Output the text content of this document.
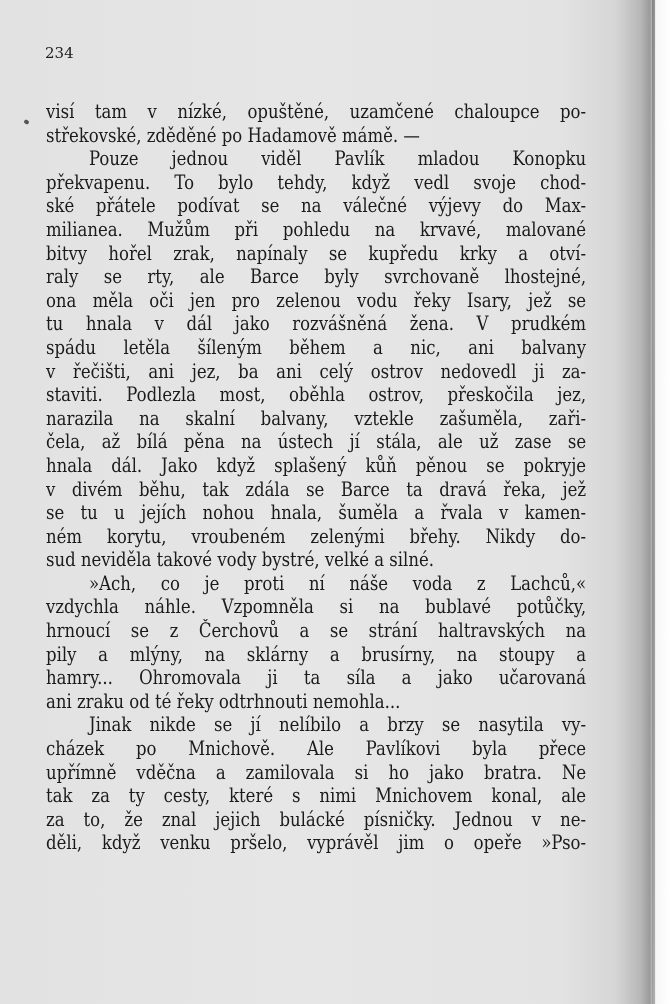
234
visí tam v nízké, opuštěné, uzamčené chaloupce po-
střekovské, zděděné po Hadamově mámě. —
Pouze jednou viděl Pavlík mladou Konopku
překvapenu. To bylo tehdy, když vedl svoje chod-
ské přátele podívat se na válečné výjevy do Max-
milianea. Mužům při pohledu na krvavé, malované
bitvy hořel zrak, napínaly se kupředu krky a otví-
raly se rty, ale Barce byly svrchovaně lhostejné,
ona měla oči jen pro zelenou vodu řeky Isary, jež se
tu hnala v dál jako rozvášněná žena. V prudkém
spádu letěla šíleným během a nic, ani balvany
v řečišti, ani jez, ba ani celý ostrov nedovedl ji za-
staviti. Podlezla most, oběhla ostrov, přeskočila jez,
narazila na skalní balvany, vztekle zašuměla, zaři-
čela, až bílá pěna na ústech jí stála, ale už zase se
hnala dál. Jako když splašený kůň pěnou se pokryje
v divém běhu, tak zdála se Barce ta dravá řeka, jež
se tu u jejích nohou hnala, šuměla a řvala v kamen-
ném korytu, vroubeném zelenými břehy. Nikdy do-
sud neviděla takové vody bystré, velké a silné.
»Ach, co je proti ní náše voda z Lachců,«
vzdychla náhle. Vzpomněla si na bublavé potůčky,
hrnoucí se z Čerchovů a se strání haltravských na
pily a mlýny, na sklárny a brusírny, na stoupy a
hamry... Ohromovala ji ta síla a jako učarovaná
ani zraku od té řeky odtrhnouti nemohla...
Jinak nikde se jí nelíbilo a brzy se nasytila vy-
cházek po Mnichově. Ale Pavlíkovi byla přece
upřímně vděčna a zamilovala si ho jako bratra. Ne
tak za ty cesty, které s nimi Mnichovem konal, ale
za to, že znal jejich bulácké písničky. Jednou v ne-
děli, když venku pršelo, vyprávěl jim o opeře »Pso-
